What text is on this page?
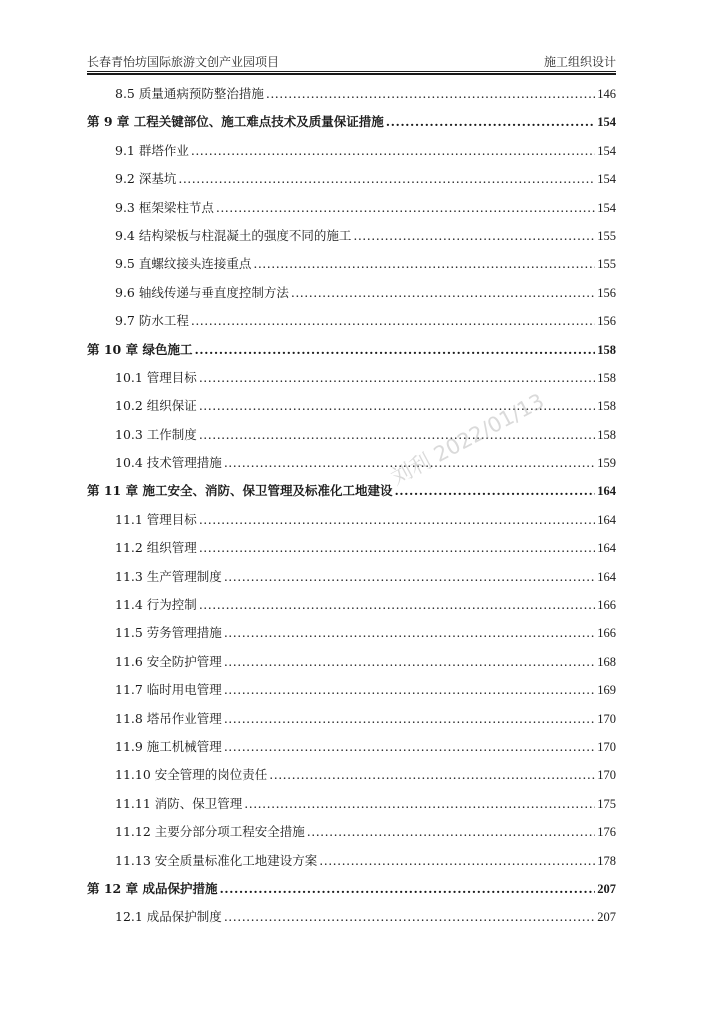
长春青怡坊国际旅游文创产业园项目	施工组织设计
8.5 质量通病预防整治措施 .....	146
第 9 章 工程关键部位、施工难点技术及质量保证措施 .....	154
9.1 群塔作业 .....	154
9.2 深基坑 .....	154
9.3 框架梁柱节点 .....	154
9.4 结构梁板与柱混凝土的强度不同的施工 .....	155
9.5 直螺纹接头连接重点 .....	155
9.6 轴线传递与垂直度控制方法 .....	156
9.7 防水工程 .....	156
第 10 章 绿色施工 .....	158
10.1 管理目标 .....	158
10.2 组织保证 .....	158
10.3 工作制度 .....	158
10.4 技术管理措施 .....	159
第 11 章 施工安全、消防、保卫管理及标准化工地建设 .....	164
11.1 管理目标 .....	164
11.2 组织管理 .....	164
11.3 生产管理制度 .....	164
11.4 行为控制 .....	166
11.5 劳务管理措施 .....	166
11.6 安全防护管理 .....	168
11.7 临时用电管理 .....	169
11.8 塔吊作业管理 .....	170
11.9 施工机械管理 .....	170
11.10 安全管理的岗位责任 .....	170
11.11 消防、保卫管理 .....	175
11.12 主要分部分项工程安全措施 .....	176
11.13 安全质量标准化工地建设方案 .....	178
第 12 章 成品保护措施 .....	207
12.1 成品保护制度 .....	207
刘利 2022/01/13
